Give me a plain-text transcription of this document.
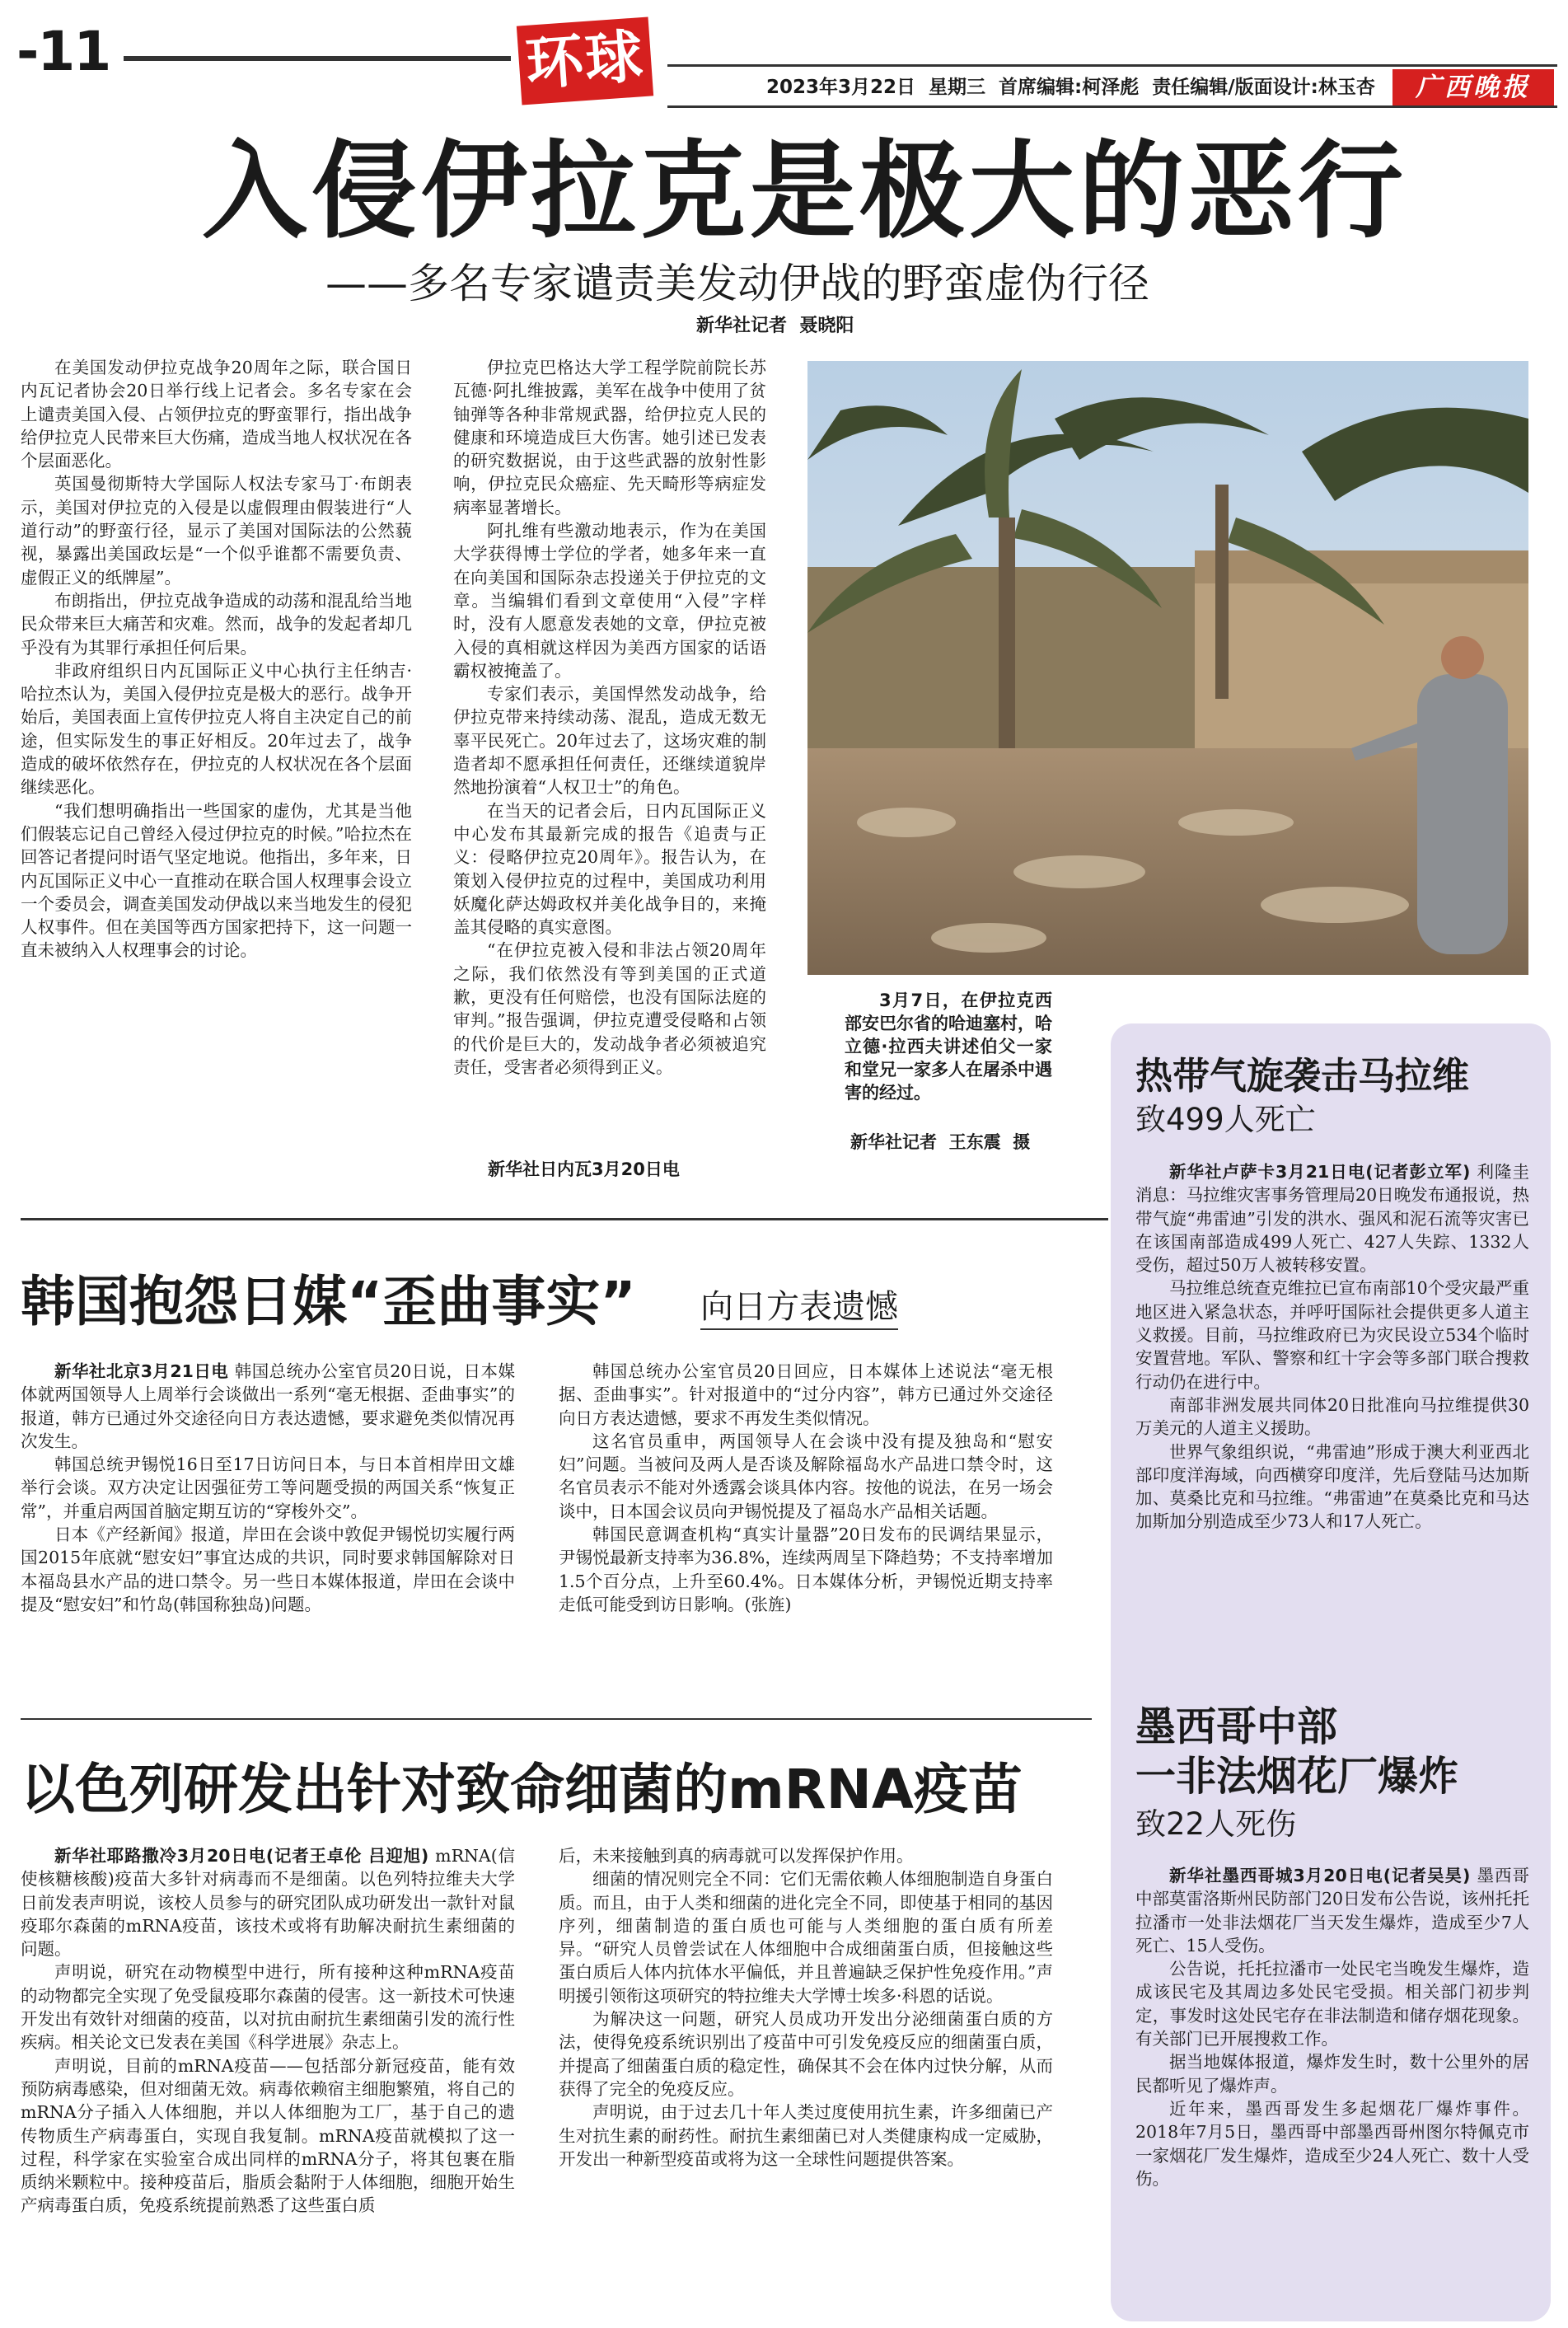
-11	环球	2023年3月22日  星期三  首席编辑:柯泽彪  责任编辑/版面设计:林玉杏	广西晚报
入侵伊拉克是极大的恶行
——多名专家谴责美发动伊战的野蛮虚伪行径
新华社记者  聂晓阳

在美国发动伊拉克战争20周年之际，联合国日内瓦记者协会20日举行线上记者会。多名专家在会上谴责美国入侵、占领伊拉克的野蛮罪行，指出战争给伊拉克人民带来巨大伤痛，造成当地人权状况在各个层面恶化。

英国曼彻斯特大学国际人权法专家马丁·布朗表示，美国对伊拉克的入侵是以虚假理由假装进行“人道行动”的野蛮行径，显示了美国对国际法的公然藐视，暴露出美国政坛是“一个似乎谁都不需要负责、虚假正义的纸牌屋”。

布朗指出，伊拉克战争造成的动荡和混乱给当地民众带来巨大痛苦和灾难。然而，战争的发起者却几乎没有为其罪行承担任何后果。

非政府组织日内瓦国际正义中心执行主任纳吉·哈拉杰认为，美国入侵伊拉克是极大的恶行。战争开始后，美国表面上宣传伊拉克人将自主决定自己的前途，但实际发生的事正好相反。20年过去了，战争造成的破坏依然存在，伊拉克的人权状况在各个层面继续恶化。

“我们想明确指出一些国家的虚伪，尤其是当他们假装忘记自己曾经入侵过伊拉克的时候。”哈拉杰在回答记者提问时语气坚定地说。他指出，多年来，日内瓦国际正义中心一直推动在联合国人权理事会设立一个委员会，调查美国发动伊战以来当地发生的侵犯人权事件。但在美国等西方国家把持下，这一问题一直未被纳入人权理事会的讨论。

伊拉克巴格达大学工程学院前院长苏瓦德·阿扎维披露，美军在战争中使用了贫铀弹等各种非常规武器，给伊拉克人民的健康和环境造成巨大伤害。她引述已发表的研究数据说，由于这些武器的放射性影响，伊拉克民众癌症、先天畸形等病症发病率显著增长。

阿扎维有些激动地表示，作为在美国大学获得博士学位的学者，她多年来一直在向美国和国际杂志投递关于伊拉克的文章。当编辑们看到文章使用“入侵”字样时，没有人愿意发表她的文章，伊拉克被入侵的真相就这样因为美西方国家的话语霸权被掩盖了。

专家们表示，美国悍然发动战争，给伊拉克带来持续动荡、混乱，造成无数无辜平民死亡。20年过去了，这场灾难的制造者却不愿承担任何责任，还继续道貌岸然地扮演着“人权卫士”的角色。

在当天的记者会后，日内瓦国际正义中心发布其最新完成的报告《追责与正义：侵略伊拉克20周年》。报告认为，在策划入侵伊拉克的过程中，美国成功利用妖魔化萨达姆政权并美化战争目的，来掩盖其侵略的真实意图。

“在伊拉克被入侵和非法占领20周年之际，我们依然没有等到美国的正式道歉，更没有任何赔偿，也没有国际法庭的审判。”报告强调，伊拉克遭受侵略和占领的代价是巨大的，发动战争者必须被追究责任，受害者必须得到正义。

新华社日内瓦3月20日电

3月7日，在伊拉克西部安巴尔省的哈迪塞村，哈立德·拉西夫讲述伯父一家和堂兄一家多人在屠杀中遇害的经过。

新华社记者  王东震  摄
热带气旋袭击马拉维
致499人死亡

新华社卢萨卡3月21日电(记者彭立军) 利隆圭消息：马拉维灾害事务管理局20日晚发布通报说，热带气旋“弗雷迪”引发的洪水、强风和泥石流等灾害已在该国南部造成499人死亡、427人失踪、1332人受伤，超过50万人被转移安置。

马拉维总统查克维拉已宣布南部10个受灾最严重地区进入紧急状态，并呼吁国际社会提供更多人道主义救援。目前，马拉维政府已为灾民设立534个临时安置营地。军队、警察和红十字会等多部门联合搜救行动仍在进行中。

南部非洲发展共同体20日批准向马拉维提供30万美元的人道主义援助。

世界气象组织说，“弗雷迪”形成于澳大利亚西北部印度洋海域，向西横穿印度洋，先后登陆马达加斯加、莫桑比克和马拉维。“弗雷迪”在莫桑比克和马达加斯加分别造成至少73人和17人死亡。

墨西哥中部
一非法烟花厂爆炸
致22人死伤

新华社墨西哥城3月20日电(记者吴昊) 墨西哥中部莫雷洛斯州民防部门20日发布公告说，该州托托拉潘市一处非法烟花厂当天发生爆炸，造成至少7人死亡、15人受伤。

公告说，托托拉潘市一处民宅当晚发生爆炸，造成该民宅及其周边多处民宅受损。相关部门初步判定，事发时这处民宅存在非法制造和储存烟花现象。有关部门已开展搜救工作。

据当地媒体报道，爆炸发生时，数十公里外的居民都听见了爆炸声。

近年来，墨西哥发生多起烟花厂爆炸事件。2018年7月5日，墨西哥中部墨西哥州图尔特佩克市一家烟花厂发生爆炸，造成至少24人死亡、数十人受伤。

韩国抱怨日媒“歪曲事实” 向日方表遗憾

新华社北京3月21日电 韩国总统办公室官员20日说，日本媒体就两国领导人上周举行会谈做出一系列“毫无根据、歪曲事实”的报道，韩方已通过外交途径向日方表达遗憾，要求避免类似情况再次发生。

韩国总统尹锡悦16日至17日访问日本，与日本首相岸田文雄举行会谈。双方决定让因强征劳工等问题受损的两国关系“恢复正常”，并重启两国首脑定期互访的“穿梭外交”。

日本《产经新闻》报道，岸田在会谈中敦促尹锡悦切实履行两国2015年底就“慰安妇”事宜达成的共识，同时要求韩国解除对日本福岛县水产品的进口禁令。另一些日本媒体报道，岸田在会谈中提及“慰安妇”和竹岛(韩国称独岛)问题。

韩国总统办公室官员20日回应，日本媒体上述说法“毫无根据、歪曲事实”。针对报道中的“过分内容”，韩方已通过外交途径向日方表达遗憾，要求不再发生类似情况。

这名官员重申，两国领导人在会谈中没有提及独岛和“慰安妇”问题。当被问及两人是否谈及解除福岛水产品进口禁令时，这名官员表示不能对外透露会谈具体内容。按他的说法，在另一场会谈中，日本国会议员向尹锡悦提及了福岛水产品相关话题。

韩国民意调查机构“真实计量器”20日发布的民调结果显示，尹锡悦最新支持率为36.8%，连续两周呈下降趋势；不支持率增加1.5个百分点，上升至60.4%。日本媒体分析，尹锡悦近期支持率走低可能受到访日影响。(张旌)

以色列研发出针对致命细菌的mRNA疫苗

新华社耶路撒冷3月20日电(记者王卓伦 吕迎旭) mRNA(信使核糖核酸)疫苗大多针对病毒而不是细菌。以色列特拉维夫大学日前发表声明说，该校人员参与的研究团队成功研发出一款针对鼠疫耶尔森菌的mRNA疫苗，该技术或将有助解决耐抗生素细菌的问题。

声明说，研究在动物模型中进行，所有接种这种mRNA疫苗的动物都完全实现了免受鼠疫耶尔森菌的侵害。这一新技术可快速开发出有效针对细菌的疫苗，以对抗由耐抗生素细菌引发的流行性疾病。相关论文已发表在美国《科学进展》杂志上。

声明说，目前的mRNA疫苗——包括部分新冠疫苗，能有效预防病毒感染，但对细菌无效。病毒依赖宿主细胞繁殖，将自己的mRNA分子插入人体细胞，并以人体细胞为工厂，基于自己的遗传物质生产病毒蛋白，实现自我复制。mRNA疫苗就模拟了这一过程，科学家在实验室合成出同样的mRNA分子，将其包裹在脂质纳米颗粒中。接种疫苗后，脂质会黏附于人体细胞，细胞开始生产病毒蛋白质，免疫系统提前熟悉了这些蛋白质

后，未来接触到真的病毒就可以发挥保护作用。

细菌的情况则完全不同：它们无需依赖人体细胞制造自身蛋白质。而且，由于人类和细菌的进化完全不同，即使基于相同的基因序列，细菌制造的蛋白质也可能与人类细胞的蛋白质有所差异。“研究人员曾尝试在人体细胞中合成细菌蛋白质，但接触这些蛋白质后人体内抗体水平偏低，并且普遍缺乏保护性免疫作用。”声明援引领衔这项研究的特拉维夫大学博士埃多·科恩的话说。

为解决这一问题，研究人员成功开发出分泌细菌蛋白质的方法，使得免疫系统识别出了疫苗中可引发免疫反应的细菌蛋白质，并提高了细菌蛋白质的稳定性，确保其不会在体内过快分解，从而获得了完全的免疫反应。

声明说，由于过去几十年人类过度使用抗生素，许多细菌已产生对抗生素的耐药性。耐抗生素细菌已对人类健康构成一定威胁，开发出一种新型疫苗或将为这一全球性问题提供答案。
